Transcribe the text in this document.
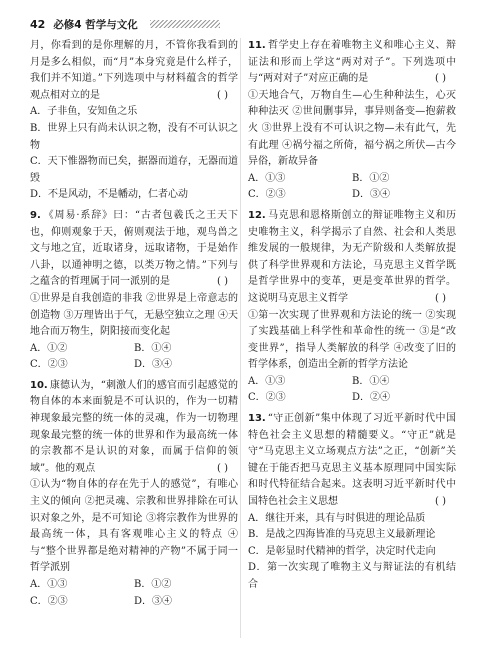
42 必修4 哲学与文化
月，你看到的是你理解的月，不管你我看到的月是多么相似，而“月”本身究竟是什么样子，我们并不知道。”下列选项中与材料蕴含的哲学观点相对立的是	( )
A．子非鱼，安知鱼之乐
B．世界上只有尚未认识之物，没有不可认识之物
C．天下惟器物而已矣，据器而道存，无器而道毁
D．不是风动，不是幡动，仁者心动
9. 《周易·系辞》曰：“古者包羲氏之王天下也，仰则观象于天，俯则观法于地，观鸟兽之文与地之宜，近取诸身，远取诸物，于是始作八卦，以通神明之德，以类万物之情。”下列与之蕴含的哲理属于同一派别的是	( )
①世界是自我创造的非我 ②世界是上帝意志的创造物 ③万理皆出于气，无悬空独立之理 ④天地合而万物生，阴阳接而变化起
A．①②	B．①④
C．②③	D．③④
10. 康德认为，“刺激人们的感官而引起感觉的物自体的本来面貌是不可认识的，作为一切精神现象最完整的统一体的灵魂，作为一切物理现象最完整的统一体的世界和作为最高统一体的宗教都不是认识的对象，而属于信仰的领域”。他的观点	( )
①认为“物自体的存在先于人的感觉”，有唯心主义的倾向 ②把灵魂、宗教和世界排除在可认识对象之外，是不可知论 ③将宗教作为世界的最高统一体，具有客观唯心主义的特点 ④与“整个世界都是绝对精神的产物”不属于同一哲学派别
A．①③	B．①②
C．②③	D．③④
11. 哲学史上存在着唯物主义和唯心主义、辩证法和形而上学这“两对对子”。下列选项中与“两对对子”对应正确的是	( )
①天地合气，万物自生—心生种种法生，心灭种种法灭 ②世间删事异，事异则备变—抱薪救火 ③世界上没有不可认识之物—未有此气，先有此理 ④祸兮福之所倚，福兮祸之所伏—古今异俗，新故异备
A．①③	B．①②
C．②③	D．③④
12. 马克思和恩格斯创立的辩证唯物主义和历史唯物主义，科学揭示了自然、社会和人类思维发展的一般规律，为无产阶级和人类解放提供了科学世界观和方法论，马克思主义哲学既是哲学世界中的变革，更是变革世界的哲学。这说明马克思主义哲学	( )
①第一次实现了世界观和方法论的统一 ②实现了实践基础上科学性和革命性的统一 ③是“改变世界”，指导人类解放的科学 ④改变了旧的哲学体系，创造出全新的哲学方法论
A．①③	B．①④
C．②③	D．②④
13. “守正创新”集中体现了习近平新时代中国特色社会主义思想的精髓要义。“守正”就是守“马克思主义立场观点方法”之正，“创新”关键在于能否把马克思主义基本原理同中国实际和时代特征结合起来。这表明习近平新时代中国特色社会主义思想	( )
A．继往开来，具有与时俱进的理论品质
B．是战之四海皆准的马克思主义最新理论
C．是彰显时代精神的哲学，决定时代走向
D．第一次实现了唯物主义与辩证法的有机结合
